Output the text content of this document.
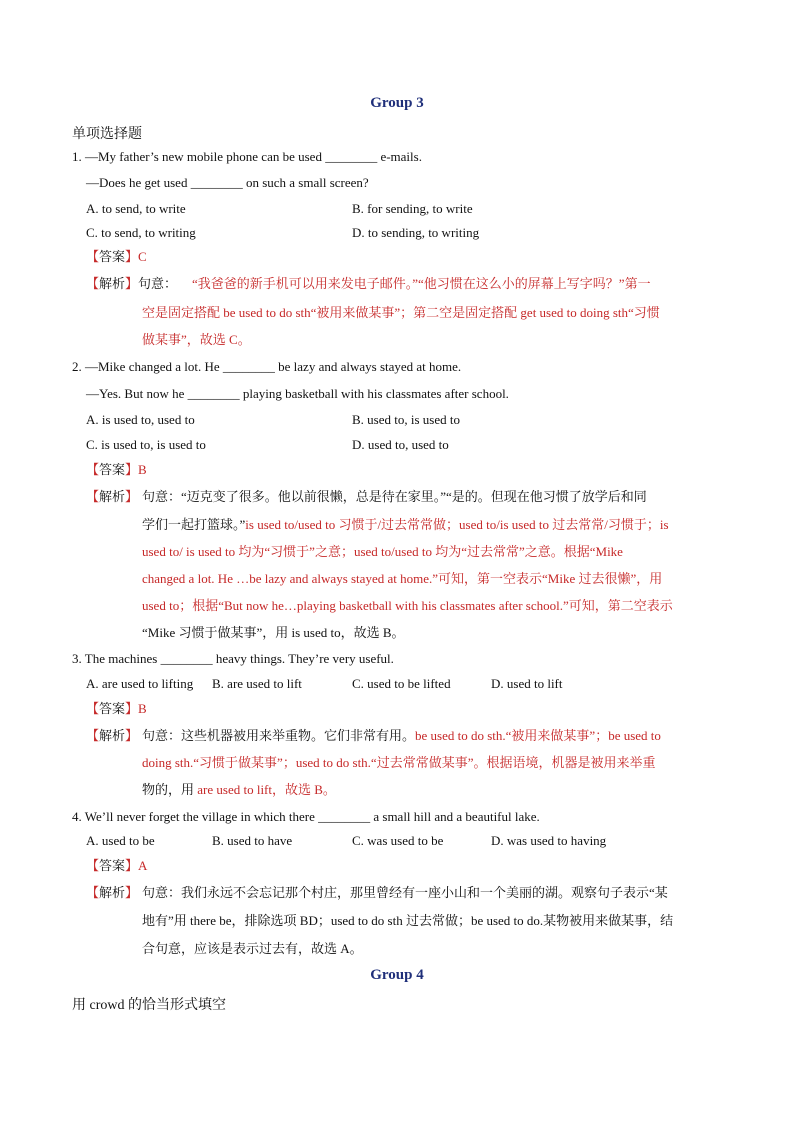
Group 3
单项选择题
1. —My father’s new mobile phone can be used ________ e-mails.
—Does he get used ________ on such a small screen?
A. to send, to write	B. for sending, to write
C. to send, to writing	D. to sending, to writing
【答案】C
【解析】句意： “我爸爸的新手机可以用来发电子邮件。”“他习惯在这么小的屏幕上写字吗？”第一
空是固定搭配 be used to do sth“被用来做某事”；第二空是固定搭配 get used to doing sth“习惯
做某事”，故选 C。
2. —Mike changed a lot. He ________ be lazy and always stayed at home.
—Yes. But now he ________ playing basketball with his classmates after school.
A. is used to, used to	B. used to, is used to
C. is used to, is used to	D. used to, used to
【答案】B
【解析】 句意：“迈克变了很多。他以前很懒，总是待在家里。”“是的。但现在他习惯了放学后和同
学们一起打篮球。”is used to/used to 习惯于/过去常常做；used to/is used to 过去常常/习惯于；is
used to/ is used to 均为“习惯于”之意；used to/used to 均为“过去常常”之意。根据“Mike
changed a lot. He …be lazy and always stayed at home.”可知，第一空表示“Mike 过去很懒”，用
used to；根据“But now he…playing basketball with his classmates after school.”可知，第二空表示
“Mike 习惯于做某事”，用 is used to，故选 B。
3. The machines ________ heavy things. They’re very useful.
A. are used to lifting B. are used to lift	C. used to be lifted	D. used to lift
【答案】B
【解析】 句意：这些机器被用来举重物。它们非常有用。be used to do sth.“被用来做某事”；be used to
doing sth.“习惯于做某事”；used to do sth.“过去常常做某事”。根据语境，机器是被用来举重
物的，用 are used to lift，故选 B。
4. We’ll never forget the village in which there ________ a small hill and a beautiful lake.
A. used to be	B. used to have	C. was used to be	D. was used to having
【答案】A
【解析】 句意：我们永远不会忘记那个村庄，那里曾经有一座小山和一个美丽的湖。观察句子表示“某
地有”用 there be，排除选项 BD；used to do sth 过去常做；be used to do.某物被用来做某事，结
合句意，应该是表示过去有，故选 A。
Group 4
用 crowd 的恰当形式填空
